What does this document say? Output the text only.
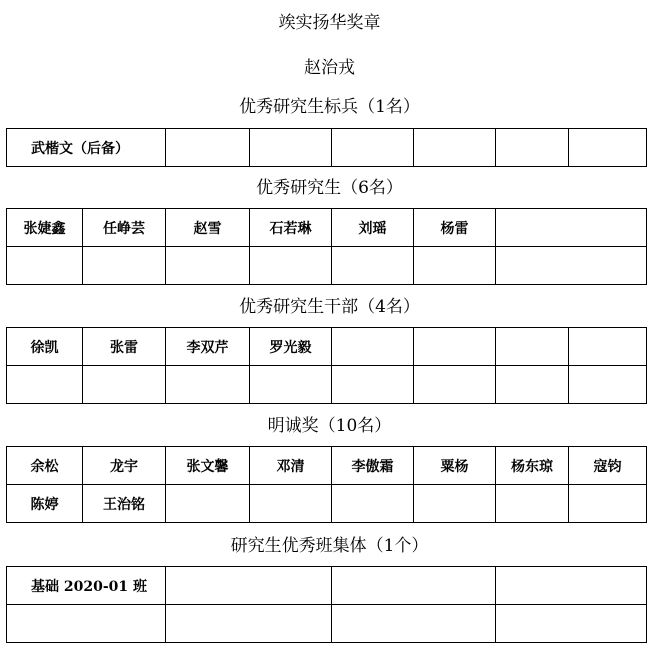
竢实扬华奖章
赵治戎
优秀研究生标兵（1名）
武楷文（后备）						
优秀研究生（6名）
张婕鑫	任峥芸	赵雪	石若琳	刘瑶	杨雷	

优秀研究生干部（4名）
徐凯	张雷	李双芹	罗光毅				

明诚奖（10名）
余松	龙宇	张文馨	邓清	李傲霜	粟杨	杨东琼	寇钧
陈婷	王治铭						
研究生优秀班集体（1个）
基础 2020-01 班			
